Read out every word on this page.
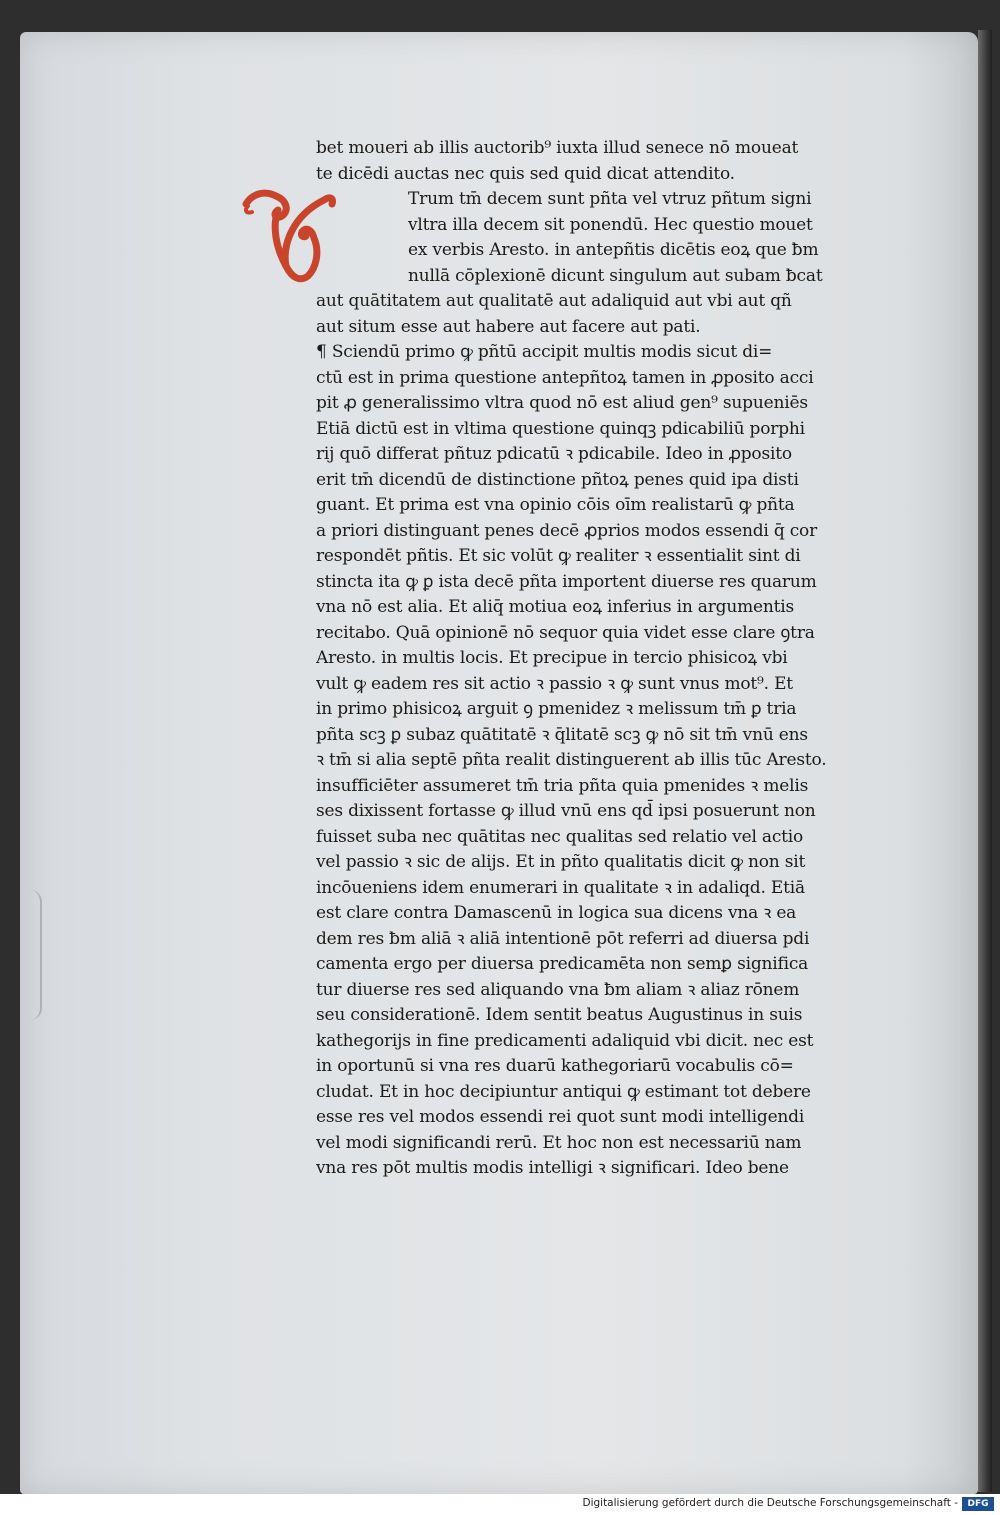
bet moueri ab illis auctorib⁹ iuxta illud senece nō moueat
te dicēdi auctas nec quis sed quid dicat attendito.
Trum tm̄ decem sunt pñta vel vtruz pñtum signi
vltra illa decem sit ponendū. Hec questio mouet
ex verbis Aresto. in antepñtis dicētis eoꝝ que ƀm
nullā cōplexionē dicunt singulum aut subam ƀcat
aut quātitatem aut qualitatē aut adaliquid aut vbi aut qñ
aut situm esse aut habere aut facere aut pati.
¶ Sciendū primo ꝙ pñtū accipit multis modis sicut di=
ctū est in prima questione antepñtoꝝ tamen in ꝓposito acci
pit ꝓ generalissimo vltra quod nō est aliud gen⁹ supueniēs
Etiā dictū est in vltima questione quinqꝫ pdicabiliū porphi
rij quō differat pñtuz pdicatū ꝛ pdicabile. Ideo in ꝓposito
erit tm̄ dicendū de distinctione pñtoꝝ penes quid ipa disti
guant. Et prima est vna opinio cōis oīm realistarū ꝙ pñta
a priori distinguant penes decē ꝓprios modos essendi q̄ cor
respondēt pñtis. Et sic volūt ꝙ realiter ꝛ essentialit sint di
stincta ita ꝙ ꝑ ista decē pñta importent diuerse res quarum
vna nō est alia. Et aliq̄ motiua eoꝝ inferius in argumentis
recitabo. Quā opinionē nō sequor quia videt esse clare ꝯtra
Aresto. in multis locis. Et precipue in tercio phisicoꝝ vbi
vult ꝙ eadem res sit actio ꝛ passio ꝛ ꝙ sunt vnus mot⁹. Et
in primo phisicoꝝ arguit ꝯ pmenidez ꝛ melissum tm̄ ꝑ tria
pñta scꝫ ꝑ subaz quātitatē ꝛ q̄litatē scꝫ ꝙ nō sit tm̄ vnū ens
ꝛ tm̄ si alia septē pñta realit distinguerent ab illis tūc Aresto.
insufficiēter assumeret tm̄ tria pñta quia pmenides ꝛ melis
ses dixissent fortasse ꝙ illud vnū ens qd̄ ipsi posuerunt non
fuisset suba nec quātitas nec qualitas sed relatio vel actio
vel passio ꝛ sic de alijs. Et in pñto qualitatis dicit ꝙ non sit
incōueniens idem enumerari in qualitate ꝛ in adaliqd. Etiā
est clare contra Damascenū in logica sua dicens vna ꝛ ea
dem res ƀm aliā ꝛ aliā intentionē pōt referri ad diuersa pdi
camenta ergo per diuersa predicamēta non semꝑ significa
tur diuerse res sed aliquando vna ƀm aliam ꝛ aliaz rōnem
seu considerationē. Idem sentit beatus Augustinus in suis
kathegorijs in fine predicamenti adaliquid vbi dicit. nec est
in oportunū si vna res duarū kathegoriarū vocabulis cō=
cludat. Et in hoc decipiuntur antiqui ꝙ estimant tot debere
esse res vel modos essendi rei quot sunt modi intelligendi
vel modi significandi rerū. Et hoc non est necessariū nam
vna res pōt multis modis intelligi ꝛ significari. Ideo bene
Digitalisierung gefördert durch die Deutsche Forschungsgemeinschaft -	DFG
